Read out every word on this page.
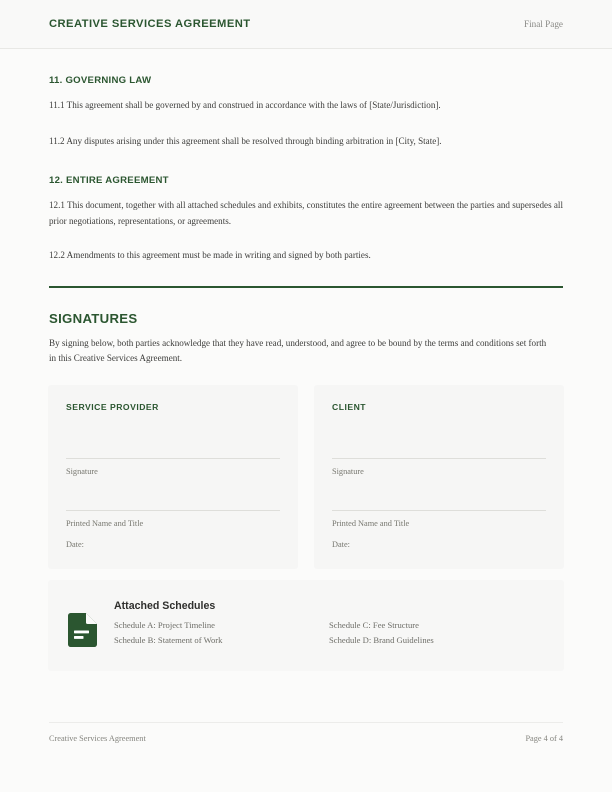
CREATIVE SERVICES AGREEMENT	Final Page
11. GOVERNING LAW

11.1 This agreement shall be governed by and construed in accordance with the laws of [State/Jurisdiction].

11.2 Any disputes arising under this agreement shall be resolved through binding arbitration in [City, State].

12. ENTIRE AGREEMENT

12.1 This document, together with all attached schedules and exhibits, constitutes the entire agreement between the parties and supersedes all prior negotiations, representations, or agreements.

12.2 Amendments to this agreement must be made in writing and signed by both parties.

SIGNATURES
By signing below, both parties acknowledge that they have read, understood, and agree to be bound by the terms and conditions set forth in this Creative Services Agreement.
SERVICE PROVIDER
Signature
Printed Name and Title
Date:
CLIENT
Signature
Printed Name and Title
Date:
Attached Schedules
Schedule A: Project Timeline
Schedule B: Statement of Work
Schedule C: Fee Structure
Schedule D: Brand Guidelines
Creative Services Agreement	Page 4 of 4
